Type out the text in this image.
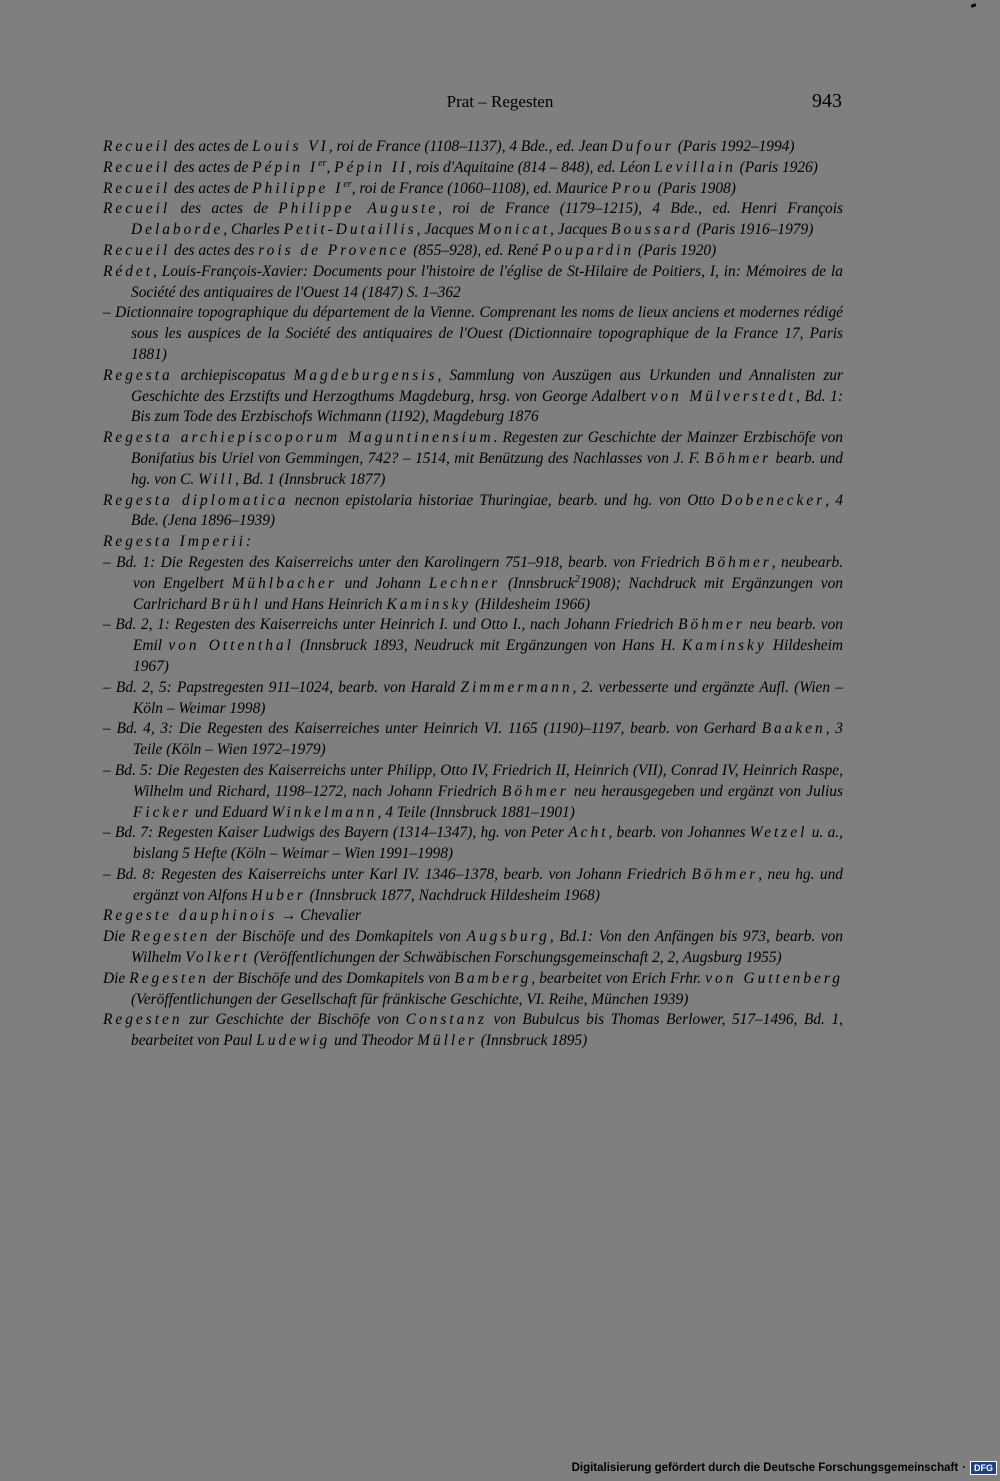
Prat – Regesten	943

Recueil des actes de Louis VI, roi de France (1108–1137), 4 Bde., ed. Jean Dufour (Paris 1992–1994)

Recueil des actes de Pépin Ier, Pépin II, rois d'Aquitaine (814 – 848), ed. Léon Levillain (Paris 1926)

Recueil des actes de Philippe Ier, roi de France (1060–1108), ed. Maurice Prou (Paris 1908)

Recueil des actes de Philippe Auguste, roi de France (1179–1215), 4 Bde., ed. Henri François Delaborde, Charles Petit-Dutaillis, Jacques Monicat, Jacques Boussard (Paris 1916–1979)

Recueil des actes des rois de Provence (855–928), ed. René Poupardin (Paris 1920)

Rédet, Louis-François-Xavier: Documents pour l'histoire de l'église de St-Hilaire de Poitiers, I, in: Mémoires de la Société des antiquaires de l'Ouest 14 (1847) S. 1–362

– Dictionnaire topographique du département de la Vienne. Comprenant les noms de lieux anciens et modernes rédigé sous les auspices de la Société des antiquaires de l'Ouest (Dictionnaire topographique de la France 17, Paris 1881)

Regesta archiepiscopatus Magdeburgensis, Sammlung von Auszügen aus Urkunden und Annalisten zur Geschichte des Erzstifts und Herzogthums Magdeburg, hrsg. von George Adalbert von Mülverstedt, Bd. 1: Bis zum Tode des Erzbischofs Wichmann (1192), Magdeburg 1876

Regesta archiepiscoporum Maguntinensium. Regesten zur Geschichte der Mainzer Erzbischöfe von Bonifatius bis Uriel von Gemmingen, 742? – 1514, mit Benützung des Nachlasses von J. F. Böhmer bearb. und hg. von C. Will, Bd. 1 (Innsbruck 1877)

Regesta diplomatica necnon epistolaria historiae Thuringiae, bearb. und hg. von Otto Dobenecker, 4 Bde. (Jena 1896–1939)

Regesta Imperii:

– Bd. 1: Die Regesten des Kaiserreichs unter den Karolingern 751–918, bearb. von Friedrich Böhmer, neubearb. von Engelbert Mühlbacher und Johann Lechner (Innsbruck$^2$1908); Nachdruck mit Ergänzungen von Carlrichard Brühl und Hans Heinrich Kaminsky (Hildesheim 1966)

– Bd. 2, 1: Regesten des Kaiserreichs unter Heinrich I. und Otto I., nach Johann Friedrich Böhmer neu bearb. von Emil von Ottenthal (Innsbruck 1893, Neudruck mit Ergänzungen von Hans H. Kaminsky Hildesheim 1967)

– Bd. 2, 5: Papstregesten 911–1024, bearb. von Harald Zimmermann, 2. verbesserte und ergänzte Aufl. (Wien – Köln – Weimar 1998)

– Bd. 4, 3: Die Regesten des Kaiserreiches unter Heinrich VI. 1165 (1190)–1197, bearb. von Gerhard Baaken, 3 Teile (Köln – Wien 1972–1979)

– Bd. 5: Die Regesten des Kaiserreichs unter Philipp, Otto IV, Friedrich II, Heinrich (VII), Conrad IV, Heinrich Raspe, Wilhelm und Richard, 1198–1272, nach Johann Friedrich Böhmer neu herausgegeben und ergänzt von Julius Ficker und Eduard Winkelmann, 4 Teile (Innsbruck 1881–1901)

– Bd. 7: Regesten Kaiser Ludwigs des Bayern (1314–1347), hg. von Peter Acht, bearb. von Johannes Wetzel u. a., bislang 5 Hefte (Köln – Weimar – Wien 1991–1998)

– Bd. 8: Regesten des Kaiserreichs unter Karl IV. 1346–1378, bearb. von Johann Friedrich Böhmer, neu hg. und ergänzt von Alfons Huber (Innsbruck 1877, Nachdruck Hildesheim 1968)

Regeste dauphinois → Chevalier

Die Regesten der Bischöfe und des Domkapitels von Augsburg, Bd.1: Von den Anfängen bis 973, bearb. von Wilhelm Volkert (Veröffentlichungen der Schwäbischen Forschungsgemeinschaft 2, 2, Augsburg 1955)

Die Regesten der Bischöfe und des Domkapitels von Bamberg, bearbeitet von Erich Frhr. von Guttenberg (Veröffentlichungen der Gesellschaft für fränkische Geschichte, VI. Reihe, München 1939)

Regesten zur Geschichte der Bischöfe von Constanz von Bubulcus bis Thomas Berlower, 517–1496, Bd. 1, bearbeitet von Paul Ludewig und Theodor Müller (Innsbruck 1895)

Digitalisierung gefördert durch die Deutsche Forschungsgemeinschaft · DFG
